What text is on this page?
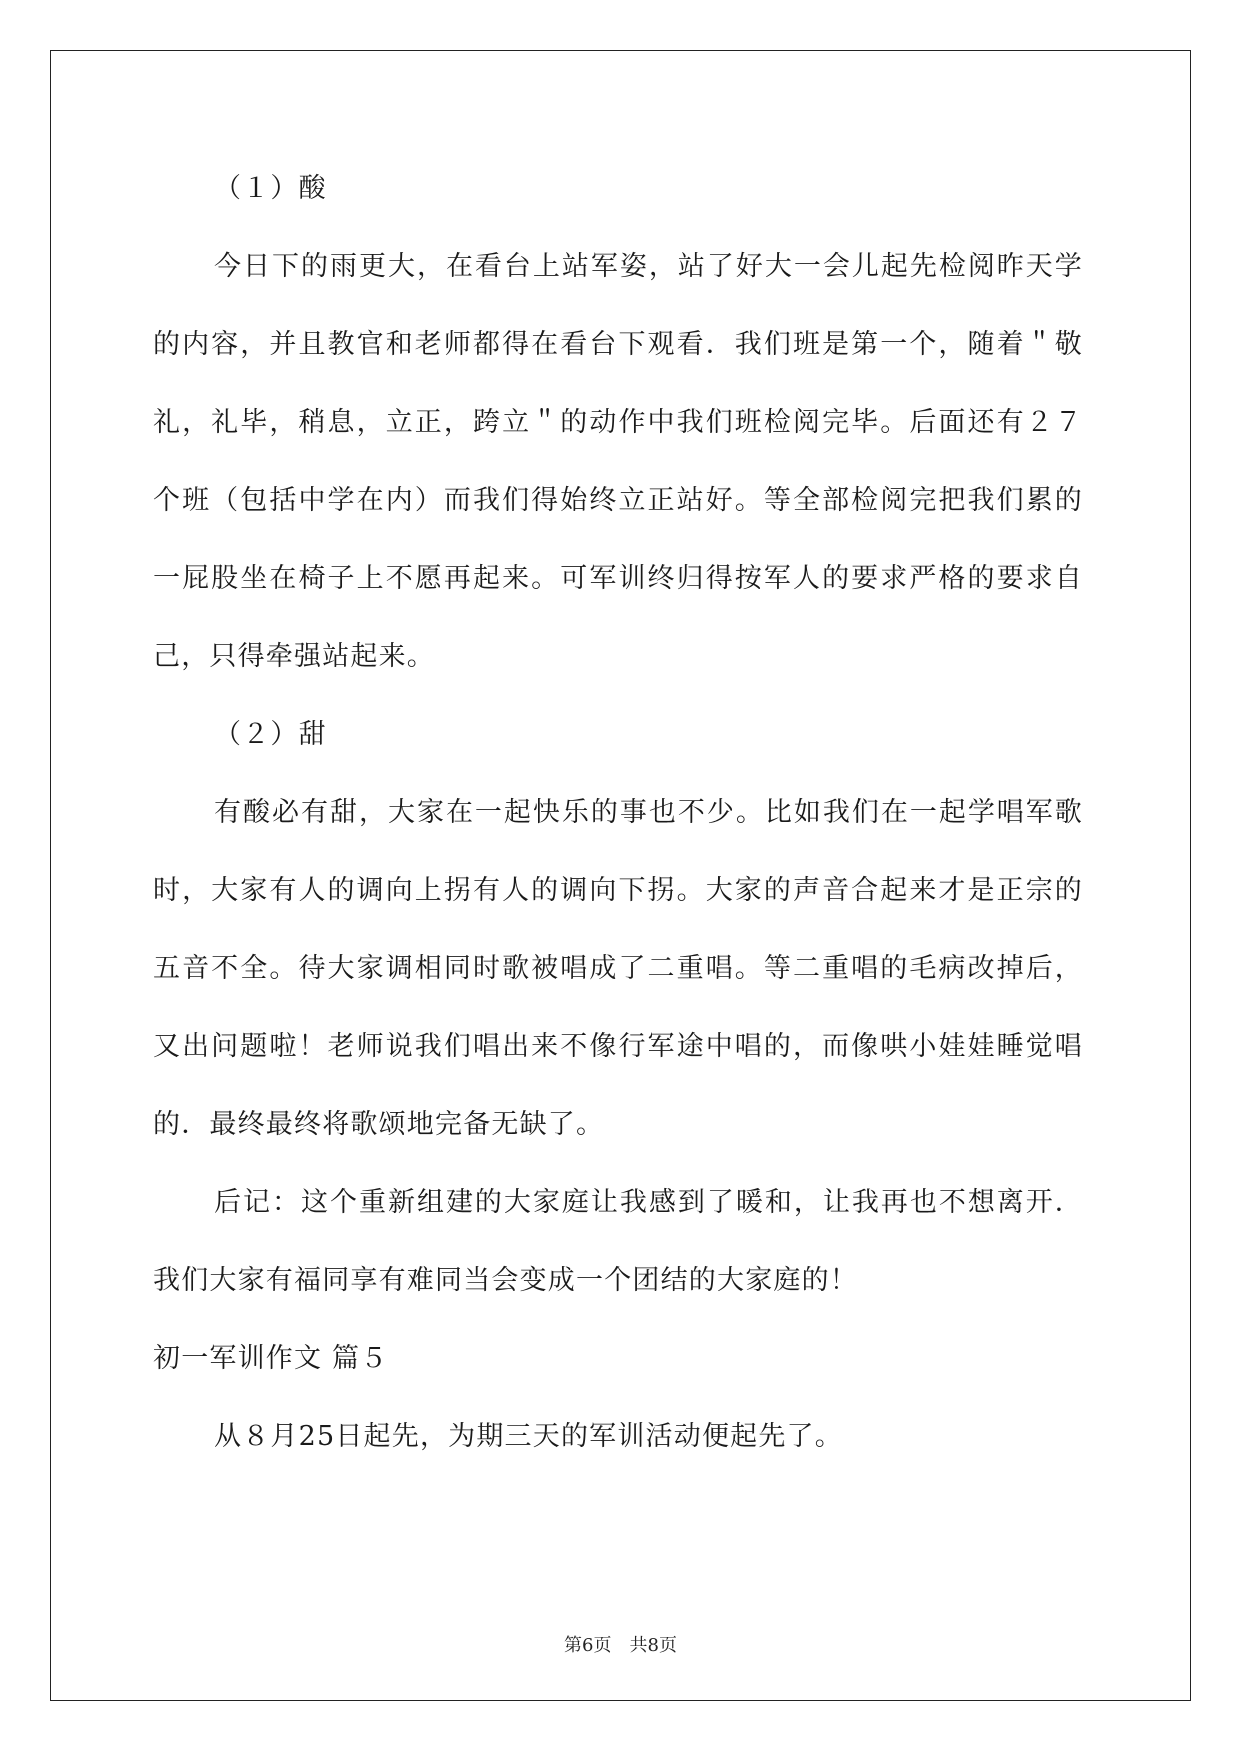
（１）酸

今日下的雨更大，在看台上站军姿，站了好大一会儿起先检阅昨天学的内容，并且教官和老师都得在看台下观看．我们班是第一个，随着＂敬礼，礼毕，稍息，立正，跨立＂的动作中我们班检阅完毕。后面还有２７个班（包括中学在内）而我们得始终立正站好。等全部检阅完把我们累的一屁股坐在椅子上不愿再起来。可军训终归得按军人的要求严格的要求自己，只得牵强站起来。

（２）甜

有酸必有甜，大家在一起快乐的事也不少。比如我们在一起学唱军歌时，大家有人的调向上拐有人的调向下拐。大家的声音合起来才是正宗的五音不全。待大家调相同时歌被唱成了二重唱。等二重唱的毛病改掉后，又出问题啦！老师说我们唱出来不像行军途中唱的，而像哄小娃娃睡觉唱的．最终最终将歌颂地完备无缺了。

后记：这个重新组建的大家庭让我感到了暖和，让我再也不想离开．我们大家有福同享有难同当会变成一个团结的大家庭的！

初一军训作文 篇５

从８月25日起先，为期三天的军训活动便起先了。

第6页　共8页
